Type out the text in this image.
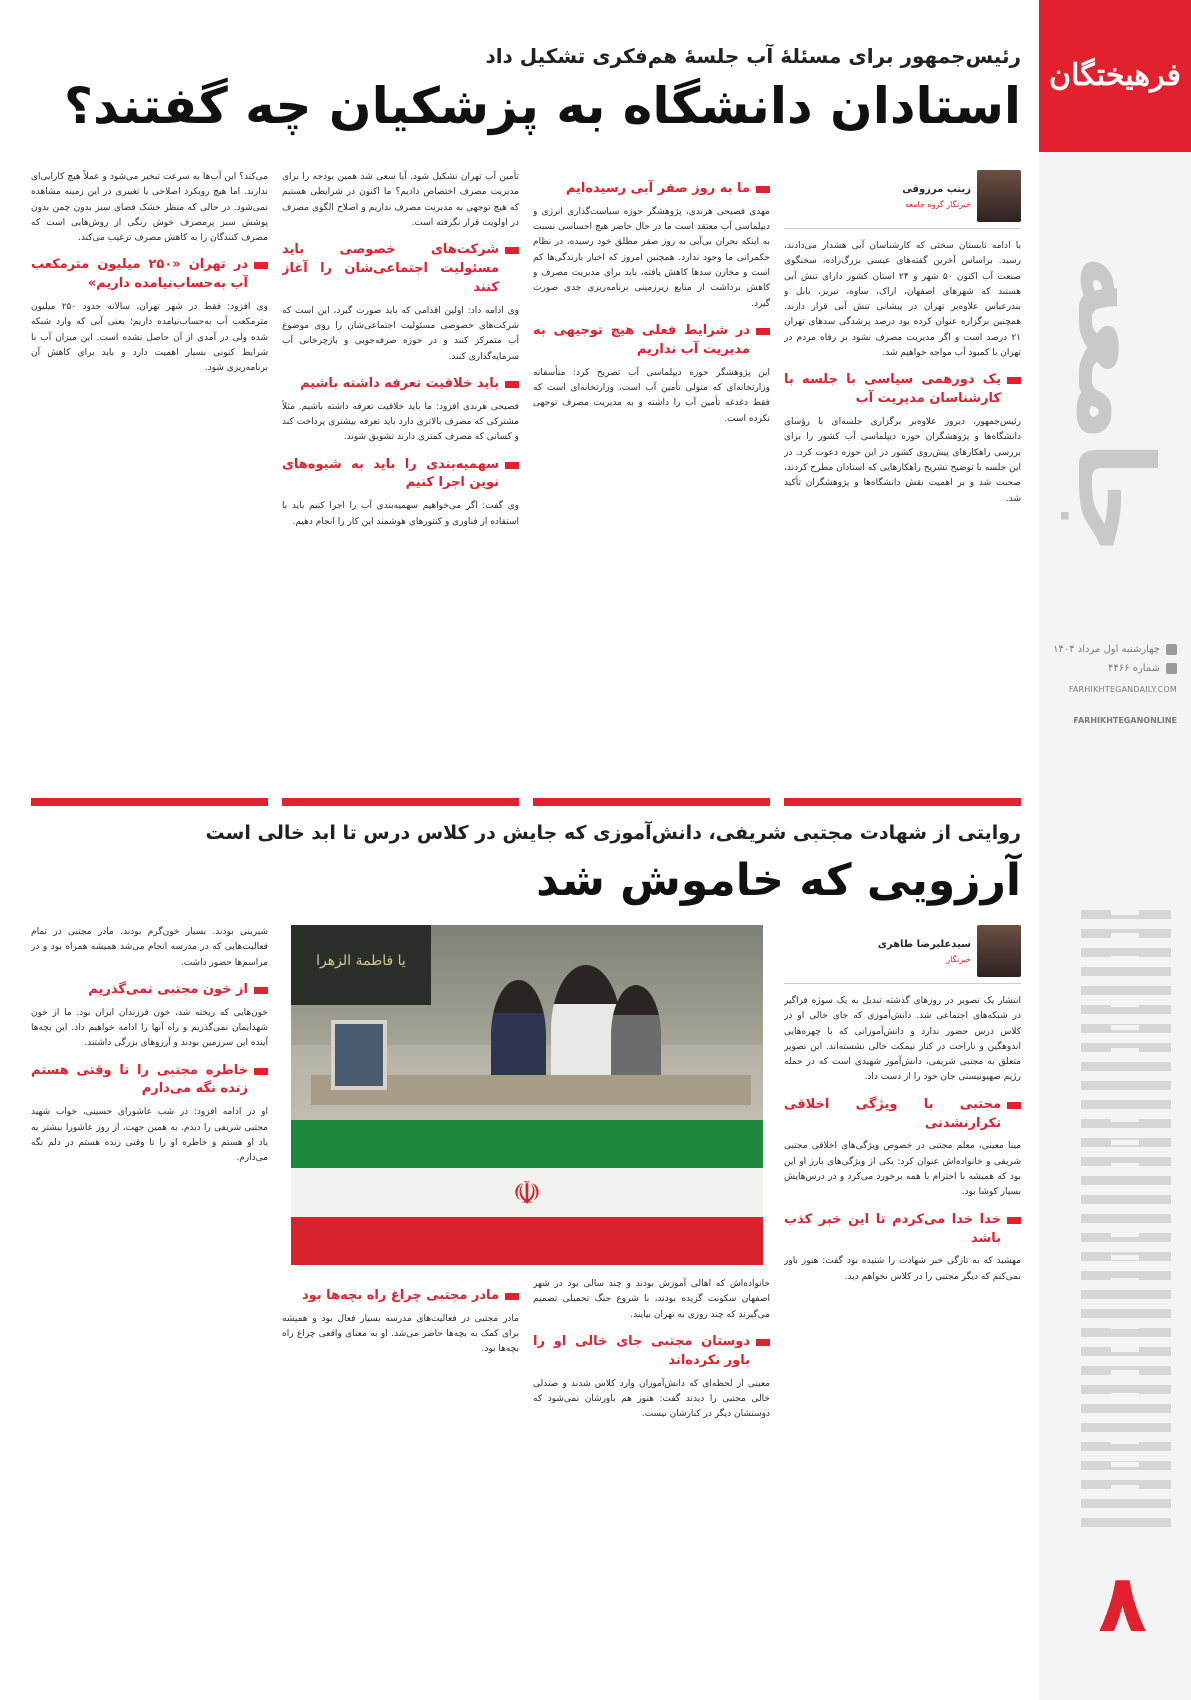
فرهیختگان
جامعه
چهارشنبه اول مرداد ۱۴۰۴
شماره ۴۴۶۶
FARHIKHTEGANDAILY.COM
FARHIKHTEGANONLINE
۸
رئیس‌جمهور برای مسئلهٔ آب جلسهٔ هم‌فکری تشکیل داد
استادان دانشگاه به پزشکیان چه گفتند؟
زینب مرزوقی
خبرنگار گروه جامعه

با ‌ادامه تابستان سختی که کارشناسان آبی هشدار می‌دادند، رسید. براساس آخرین گفته‌های عیسی بزرگ‌زاده، سخنگوی صنعت آب اکنون ۵۰ شهر و ۲۴ استان کشور دارای تنش آبی هستند که شهرهای اصفهان، اراک، ساوه، تبریز، بابل و بندرعباس علاوه‌بر تهران در پیشانی تنش آبی قرار دارند. همچنین برگزاره عنوان کرده بود درصد پرشدگی سدهای تهران ۲۱ درصد است و اگر مدیریت مصرف نشود بر رفاه مردم در تهران با کمبود آب مواجه خواهیم شد.

یک دورهمی سیاسی با جلسه با کارشناسان مدیریت آب

رئیس‌جمهور، دیروز علاوه‌بر برگزاری جلسه‌ای با رؤسای دانشگاه‌ها و پژوهشگران حوزه دیپلماسی آب کشور را برای بررسی راهکارهای پیش‌روی کشور در این حوزه دعوت کرد. در این جلسه با توضیح تشریح راهکارهایی که استادان مطرح کردند، صحبت شد و بر اهمیت نقش دانشگاه‌ها و پژوهشگران تأکید شد.

ما به روز صفر آبی رسیده‌ایم

مهدی فصیحی هرندی، پژوهشگر حوزه سیاست‌گذاری انرژی و دیپلماسی آب معتقد است ما در حال حاضر هیچ احساسی نسبت به اینکه بحران بی‌آبی به روز صفر مطلق خود رسیده، در نظام حکمرانی ما وجود ندارد. همچنین امروز که اخبار بارندگی‌ها کم است و مخازن سدها کاهش یافته، باید برای مدیریت مصرف و کاهش برداشت از منابع زیرزمینی برنامه‌ریزی جدی صورت گیرد.

در شرایط فعلی هیچ توجیهی به مدیریت آب نداریم

این پژوهشگر حوزه دیپلماسی آب تصریح کرد: متأسفانه وزارتخانه‌ای که متولی تأمین آب است، وزارتخانه‌ای است که فقط دغدغه تأمین آب را داشته و به مدیریت مصرف توجهی نکرده است.

تأمین آب تهران تشکیل شود. آیا سعی شد همین بودجه را برای مدیریت مصرف اختصاص دادیم؟ ما اکنون در شرایطی هستیم که هیچ توجهی به مدیریت مصرف نداریم و اصلاح الگوی مصرف در اولویت قرار نگرفته است.

شرکت‌های خصوصی باید مسئولیت اجتماعی‌شان را آغاز کنند

وی ادامه داد: اولین اقدامی که باید صورت گیرد، این است که شرکت‌های خصوصی مسئولیت اجتماعی‌شان را روی موضوع آب متمرکز کنند و در حوزه صرفه‌جویی و بازچرخانی آب سرمایه‌گذاری کنند.

باید خلاقیت تعرفه داشته باشیم

فصیحی هرندی افزود: ما باید خلاقیت تعرفه داشته باشیم. مثلاً مشترکی که مصرف بالاتری دارد باید تعرفه بیشتری پرداخت کند و کسانی که مصرف کمتری دارند تشویق شوند.

سهمیه‌بندی را باید به شیوه‌های نوین اجرا کنیم

وی گفت: اگر می‌خواهیم سهمیه‌بندی آب را اجرا کنیم باید با استفاده از فناوری و کنتورهای هوشمند این کار را انجام دهیم.

می‌کند؟ این آب‌ها به سرعت تبخیر می‌شود و عملاً هیچ کارایی‌ای ندارند. اما هیچ رویکرد اصلاحی یا تغییری در این زمینه مشاهده نمی‌شود. در حالی که منظر خشک فضای سبز بدون چمن بدون پوشش سبز پرمصرف خوش رنگی از روش‌هایی است که مصرف کنندگان را به کاهش مصرف ترغیب می‌کند.

در تهران «۲۵۰ میلیون مترمکعب آب به‌حساب‌نیامده داریم»

وی افزود: فقط در شهر تهران، سالانه حدود ۲۵۰ میلیون مترمکعب آب به‌حساب‌نیامده داریم؛ یعنی آبی که وارد شبکه شده ولی در آمدی از آن حاصل نشده است. این میزان آب با شرایط کنونی بسیار اهمیت دارد و باید برای کاهش آن برنامه‌ریزی شود.

روایتی از شهادت مجتبی شریفی، دانش‌آموزی که جایش در کلاس درس تا ابد خالی است
آرزویی که خاموش شد
سیدعلیرضا طاهری
خبرنگار

انتشار یک تصویر در روزهای گذشته تبدیل به یک سوژه فراگیر در شبکه‌های اجتماعی شد. دانش‌آموزی که جای خالی او در کلاس درس حضور ندارد و دانش‌آموزانی که با چهره‌هایی اندوهگین و ناراحت در کنار نیمکت خالی نشسته‌اند. این تصویر متعلق به مجتبی شریفی، دانش‌آموز شهیدی است که در حمله رژیم صهیونیستی جان خود را از دست داد.

مجتبی با ویژگی اخلاقی تکرارنشدنی

مینا معینی، معلم مجتبی در خصوص ویژگی‌های اخلاقی مجتبی شریفی و خانواده‌اش عنوان کرد: یکی از ویژگی‌های بارز او این بود که همیشه با احترام با همه برخورد می‌کرد و در درس‌هایش بسیار کوشا بود.

خدا خدا می‌کردم تا این خبر کذب باشد

مهشید که به تازگی خبر شهادت را شنیده بود گفت: هنوز باور نمی‌کنم که دیگر مجتبی را در کلاس نخواهم دید.

یا فاطمة الزهرا
☫

خانواده‌اش که اهالی آموزش بودند و چند سالی بود در شهر اصفهان سکونت گزیده بودند، با شروع جنگ تحمیلی تصمیم می‌گیرند که چند روزی به تهران بیایند.

دوستان مجتبی جای خالی او را باور نکرده‌اند

معینی از لحظه‌ای که دانش‌آموزان وارد کلاس شدند و صندلی خالی مجتبی را دیدند گفت: هنوز هم باورشان نمی‌شود که دوستشان دیگر در کنارشان نیست.

مادر مجتبی چراغ راه بچه‌ها بود

مادر مجتبی در فعالیت‌های مدرسه بسیار فعال بود و همیشه برای کمک به بچه‌ها حاضر می‌شد. او به معنای واقعی چراغ راه بچه‌ها بود.

شیرینی بودند. بسیار خون‌گرم بودند. مادر مجتبی در تمام فعالیت‌هایی که در مدرسه انجام می‌شد همیشه همراه بود و در مراسم‌ها حضور داشت.

از خون مجتبی نمی‌گذریم

خون‌هایی که ریخته شد، خون فرزندان ایران بود. ما از خون شهدایمان نمی‌گذریم و راه آنها را ادامه خواهیم داد. این بچه‌ها آینده این سرزمین بودند و آرزوهای بزرگی داشتند.

خاطره مجتبی را تا وقتی هستم زنده نگه می‌دارم

او در ادامه افزود: در شب عاشورای حسینی، خواب شهید مجتبی شریفی را دیدم. به همین جهت، از روز عاشورا بیشتر به یاد او هستم و خاطره او را تا وقتی زنده هستم در دلم نگه می‌دارم.
